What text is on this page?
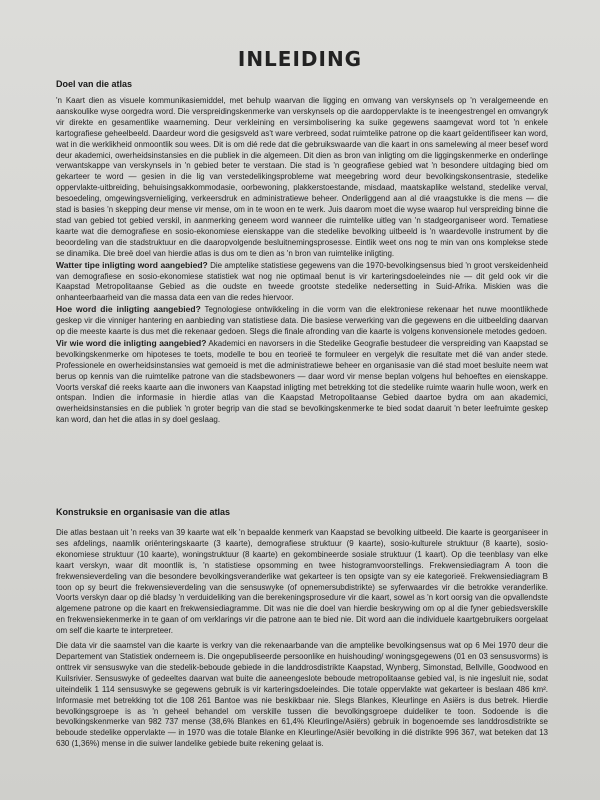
INLEIDING
Doel van die atlas

'n Kaart dien as visuele kommunikasiemiddel, met behulp waarvan die ligging en omvang van verskynsels op 'n veralgemeende en aanskoulike wyse oorgedra word. Die verspreidingskenmerke van verskynsels op die aardoppervlakte is te ineengestrengel en omvangryk vir direkte en gesamentlike waarneming. Deur verkleining en versimbolisering ka suike gegewens saamgevat word tot 'n enkele kartografiese geheelbeeld. Daardeur word die gesigsveld as't ware verbreed, sodat ruimtelike patrone op die kaart geïdentifiseer kan word, wat in die werklikheid onmoontlik sou wees. Dit is om dié rede dat die gebruikswaarde van die kaart in ons samelewing al meer besef word deur akademici, owerheidsinstansies en die publiek in die algemeen. Dit dien as bron van inligting om die liggingskenmerke en onderlinge verwantskappe van verskynsels in 'n gebied beter te verstaan. Die stad is 'n geografiese gebied wat 'n besondere uitdaging bied om gekarteer te word — gesien in die lig van verstedelikingsprobleme wat meegebring word deur bevolkingskonsentrasie, stedelike oppervlakte-uitbreiding, behuisingsakkommodasie, oorbewoning, plakkerstoestande, misdaad, maatskaplike welstand, stedelike verval, besoedeling, omgewingsvernieliging, verkeersdruk en administratiewe beheer. Onderliggend aan al dié vraagstukke is die mens — die stad is basies 'n skepping deur mense vir mense, om in te woon en te werk. Juis daarom moet die wyse waarop hul verspreiding binne die stad van gebied tot gebied verskil, in aanmerking geneem word wanneer die ruimtelike uitleg van 'n stadgeorganiseer word. Tematiese kaarte wat die demografiese en sosio-ekonomiese eienskappe van die stedelike bevolking uitbeeld is 'n waardevolle instrument by die beoordeling van die stadstruktuur en die daaropvolgende besluitnemingsprosesse. Eintlik weet ons nog te min van ons komplekse stede se dinamika. Die breë doel van hierdie atlas is dus om te dien as 'n bron van ruimtelike inligting.

Watter tipe inligting word aangebied? Die amptelike statistiese gegewens van die 1970-bevolkingsensus bied 'n groot verskeidenheid van demografiese en sosio-ekonomiese statistiek wat nog nie optimaal benut is vir karteringsdoeleindes nie — dit geld ook vir die Kaapstad Metropolitaanse Gebied as die oudste en tweede grootste stedelike nedersetting in Suid-Afrika. Miskien was die onhanteerbaarheid van die massa data een van die redes hiervoor.

Hoe word die inligting aangebied? Tegnologiese ontwikkeling in die vorm van die elektroniese rekenaar het nuwe moontlikhede geskep vir die vinniger hantering en aanbieding van statistiese data. Die basiese verwerking van die gegewens en die uitbeelding daarvan op die meeste kaarte is dus met die rekenaar gedoen. Slegs die finale afronding van die kaarte is volgens konvensionele metodes gedoen.

Vir wie word die inligting aangebied? Akademici en navorsers in die Stedelike Geografie bestudeer die verspreiding van Kaapstad se bevolkingskenmerke om hipoteses te toets, modelle te bou en teorieë te formuleer en vergelyk die resultate met dié van ander stede. Professionele en owerheidsinstansies wat gemoeid is met die administratiewe beheer en organisasie van dié stad moet besluite neem wat berus op kennis van die ruimtelike patrone van die stadsbewoners — daar word vir mense beplan volgens hul behoeftes en eienskappe. Voorts verskaf dié reeks kaarte aan die inwoners van Kaapstad inligting met betrekking tot die stedelike ruimte waarin hulle woon, werk en ontspan. Indien die informasie in hierdie atlas van die Kaapstad Metropolitaanse Gebied daartoe bydra om aan akademici, owerheidsinstansies en die publiek 'n groter begrip van die stad se bevolkingskenmerke te bied sodat daaruit 'n beter leefruimte geskep kan word, dan het die atlas in sy doel geslaag.

Konstruksie en organisasie van die atlas

Die atlas bestaan uit 'n reeks van 39 kaarte wat elk 'n bepaalde kenmerk van Kaapstad se bevolking uitbeeld. Die kaarte is georganiseer in ses afdelings, naamlik oriënteringskaarte (3 kaarte), demografiese struktuur (9 kaarte), sosio-kulturele struktuur (8 kaarte), sosio-ekonomiese struktuur (10 kaarte), woningstruktuur (8 kaarte) en gekombineerde sosiale struktuur (1 kaart). Op die teenblasy van elke kaart verskyn, waar dit moontlik is, 'n statistiese opsomming en twee histogramvoorstellings. Frekwensiediagram A toon die frekwensieverdeling van die besondere bevolkingsveranderlike wat gekarteer is ten opsigte van sy eie kategorieë. Frekwensiediagram B toon op sy beurt die frekwensieverdeling van die sensuswyke (of opnemersubdistrikte) se syferwaardes vir die betrokke veranderlike. Voorts verskyn daar op dié bladsy 'n verduideliking van die berekeningsprosedure vir die kaart, sowel as 'n kort oorsig van die opvallendste algemene patrone op die kaart en frekwensiediagramme. Dit was nie die doel van hierdie beskrywing om op al die fyner gebiedsverskille en frekwensiekenmerke in te gaan of om verklarings vir die patrone aan te bied nie. Dit word aan die individuele kaartgebruikers oorgelaat om self die kaarte te interpreteer.

Die data vir die saamstel van die kaarte is verkry van die rekenaarbande van die amptelike bevolkingsensus wat op 6 Mei 1970 deur die Departement van Statistiek onderneem is. Die ongepubliseerde persoonlike en huishouding/ woningsgegewens (01 en 03 sensusvorms) is onttrek vir sensuswyke van die stedelik-beboude gebiede in die landdrosdistrikte Kaapstad, Wynberg, Simonstad, Bellville, Goodwood en Kuilsrivier. Sensuswyke of gedeeltes daarvan wat buite die aaneengeslote beboude metropolitaanse gebied val, is nie ingesluit nie, sodat uiteindelik 1 114 sensuswyke se gegewens gebruik is vir karteringsdoeleindes. Die totale oppervlakte wat gekarteer is beslaan 486 km². Informasie met betrekking tot die 108 261 Bantoe was nie beskikbaar nie. Slegs Blankes, Kleurlinge en Asiërs is dus betrek. Hierdie bevolkingsgroepe is as 'n geheel behandel om verskille tussen die bevolkingsgroepe duideliker te toon. Sodoende is die bevolkingskenmerke van 982 737 mense (38,6% Blankes en 61,4% Kleurlinge/Asiërs) gebruik in bogenoemde ses landdrosdistrikte se beboude stedelike oppervlakte — in 1970 was die totale Blanke en Kleurlinge/Asiër bevolking in dié distrikte 996 367, wat beteken dat 13 630 (1,36%) mense in die suiwer landelike gebiede buite rekening gelaat is.
